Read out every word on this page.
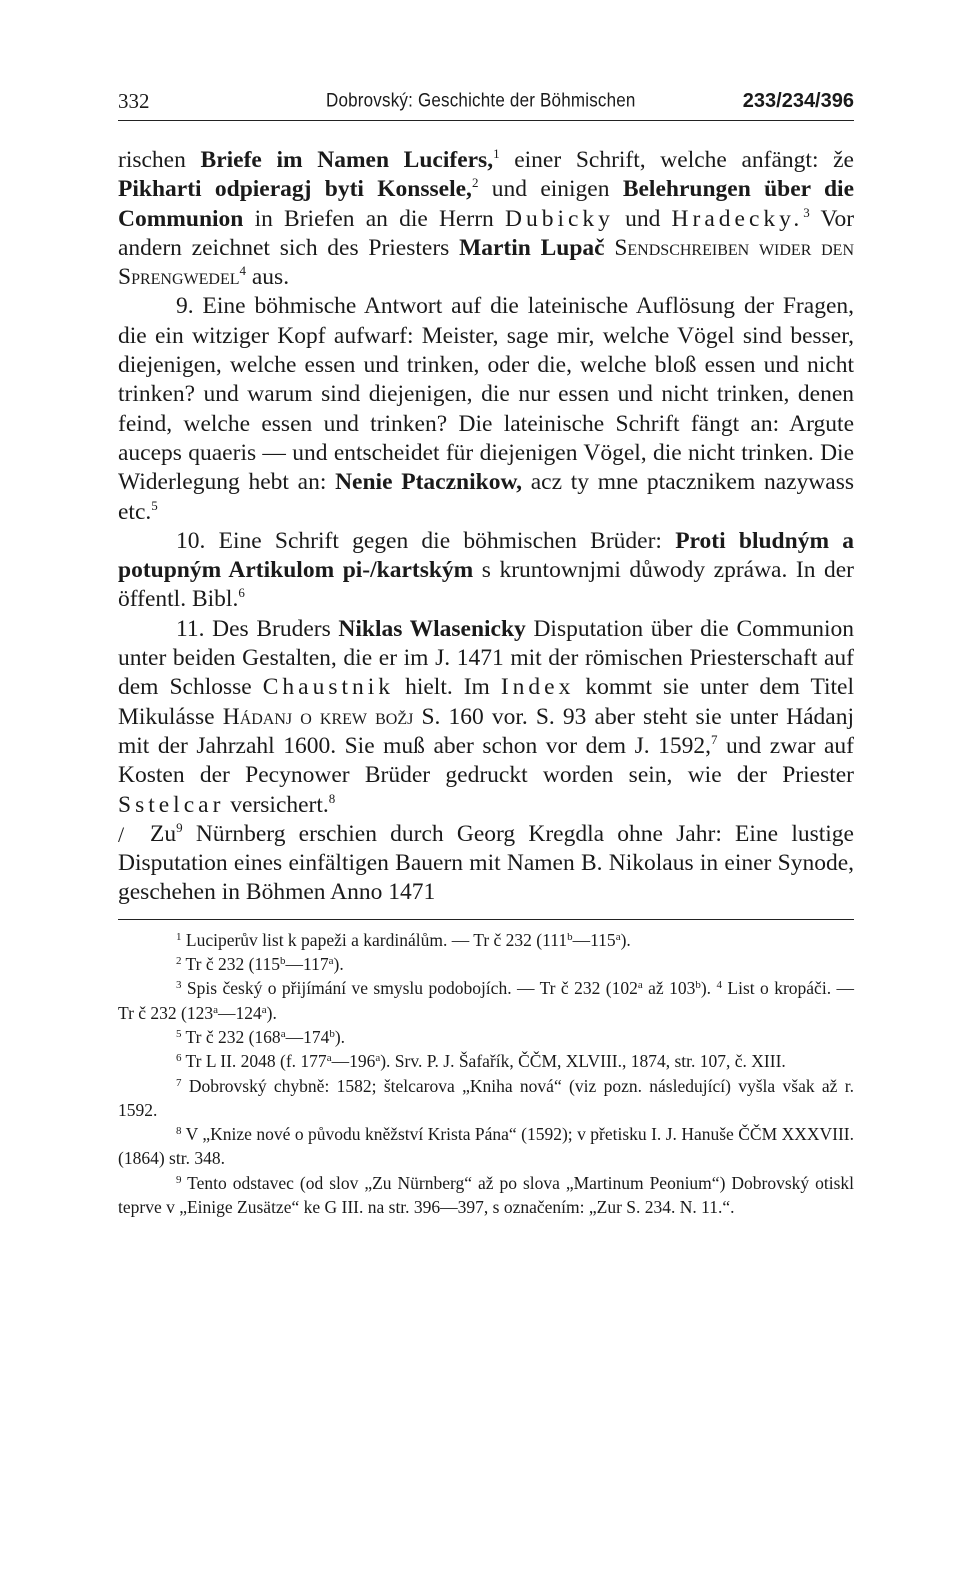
332	Dobrovský: Geschichte der Böhmischen	233/234/396

rischen Briefe im Namen Lucifers,$^1$ einer Schrift, welche anfängt: že Pikharti odpieragj byti Konssele,$^2$ und einigen Belehrungen über die Communion in Briefen an die Herrn Dubicky und Hradecky.$^3$ Vor andern zeichnet sich des Priesters Martin Lupač Sendschreiben wider den Sprengwedel$^4$ aus.

9. Eine böhmische Antwort auf die lateinische Auflösung der Fragen, die ein witziger Kopf aufwarf: Meister, sage mir, welche Vögel sind besser, diejenigen, welche essen und trinken, oder die, welche bloß essen und nicht trinken? und warum sind diejenigen, die nur essen und nicht trinken, denen feind, welche essen und trinken? Die lateinische Schrift fängt an: Argute auceps quaeris — und entscheidet für diejenigen Vögel, die nicht trinken. Die Widerlegung hebt an: Nenie Ptacznikow, acz ty mne ptacznikem nazywass etc.$^5$

10. Eine Schrift gegen die böhmischen Brüder: Proti bludným a potupným Artikulom pi-/kartským s kruntownjmi důwody zpráwa. In der öffentl. Bibl.$^6$

11. Des Bruders Niklas Wlasenicky Disputation über die Communion unter beiden Gestalten, die er im J. 1471 mit der römischen Priesterschaft auf dem Schlosse Chaustnik hielt. Im Index kommt sie unter dem Titel Mikulásse Hádanj o krew božj S. 160 vor. S. 93 aber steht sie unter Hádanj mit der Jahrzahl 1600. Sie muß aber schon vor dem J. 1592,$^7$ und zwar auf Kosten der Pecynower Brüder gedruckt worden sein, wie der Priester Sstelcar versichert.$^8$

/ Zu$^9$ Nürnberg erschien durch Georg Kregdla ohne Jahr: Eine lustige Disputation eines einfältigen Bauern mit Namen B. Nikolaus in einer Synode, geschehen in Böhmen Anno 1471

$^1$ Luciperův list k papeži a kardinálům. — Tr č 232 (111$^b$—115$^a$).

$^2$ Tr č 232 (115$^b$—117$^a$).

$^3$ Spis český o přijímání ve smyslu podobojích. — Tr č 232 (102$^a$ až 103$^b$). $^4$ List o kropáči. — Tr č 232 (123$^a$—124$^a$).

$^5$ Tr č 232 (168$^a$—174$^b$).

$^6$ Tr L II. 2048 (f. 177$^a$—196$^a$). Srv. P. J. Šafařík, ČČM, XLVIII., 1874, str. 107, č. XIII.

$^7$ Dobrovský chybně: 1582; štelcarova „Kniha nová“ (viz pozn. následující) vyšla však až r. 1592.

$^8$ V „Knize nové o původu kněžství Krista Pána“ (1592); v přetisku I. J. Hanuše ČČM XXXVIII. (1864) str. 348.

$^9$ Tento odstavec (od slov „Zu Nürnberg“ až po slova „Martinum Peonium“) Dobrovský otiskl teprve v „Einige Zusätze“ ke G III. na str. 396—397, s označením: „Zur S. 234. N. 11.“.
